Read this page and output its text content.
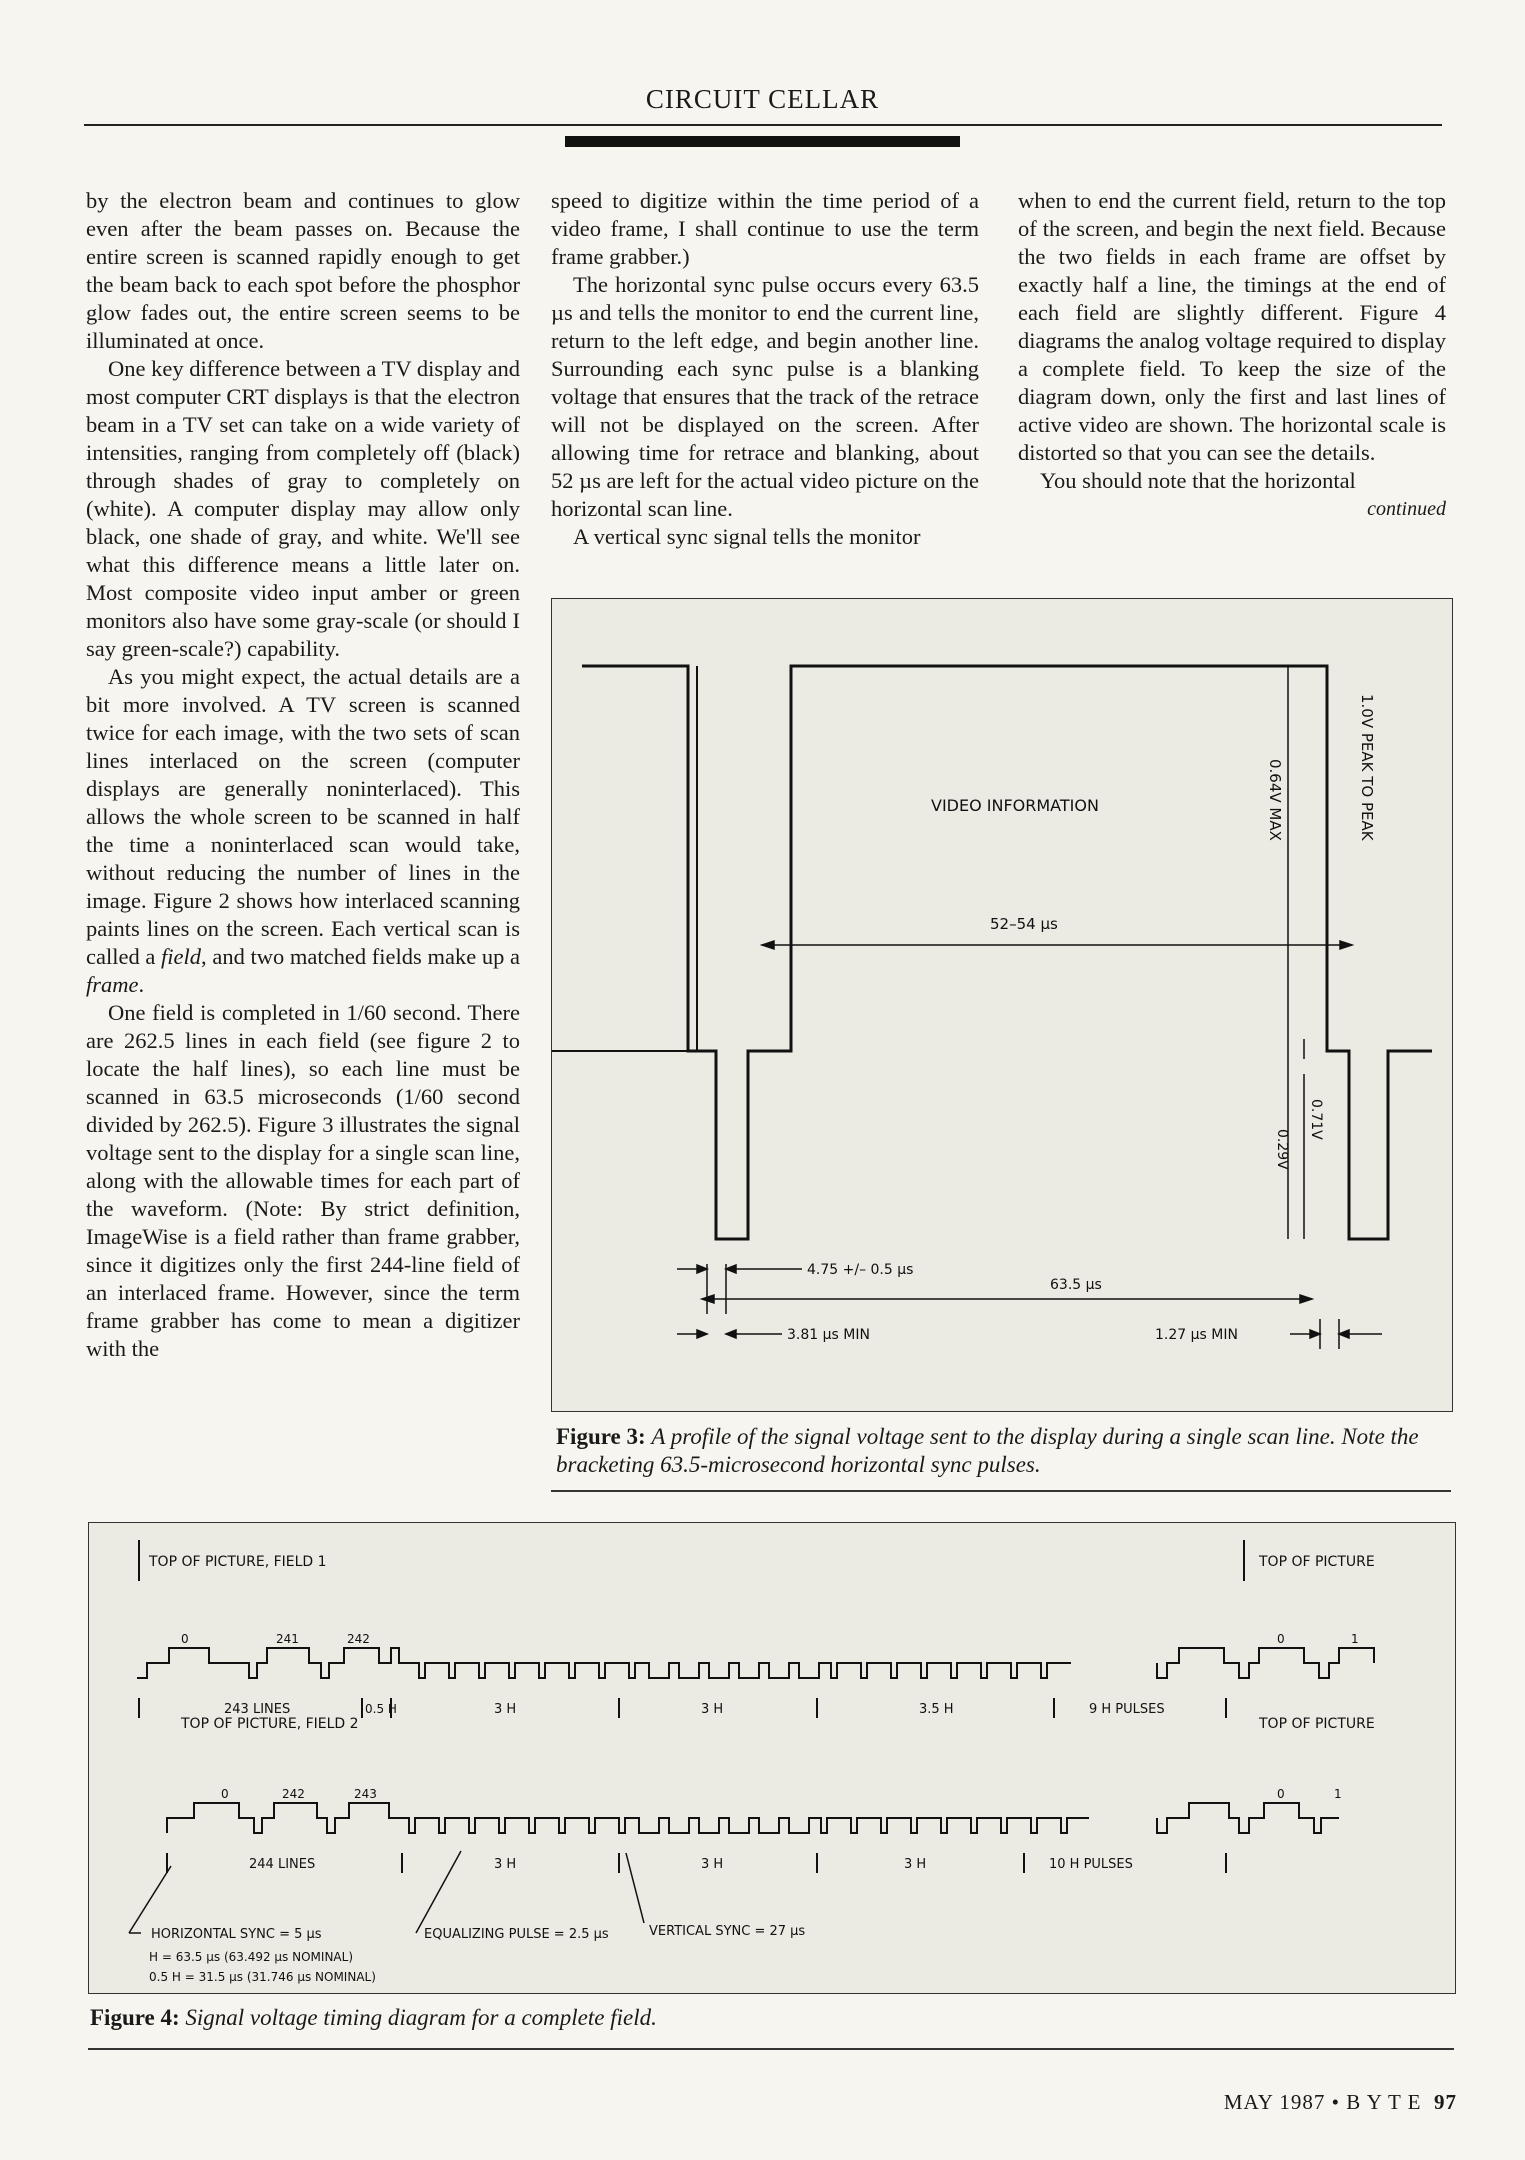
CIRCUIT CELLAR

by the electron beam and continues to glow even after the beam passes on. Because the entire screen is scanned rapidly enough to get the beam back to each spot before the phosphor glow fades out, the entire screen seems to be illuminated at once.

One key difference between a TV display and most computer CRT displays is that the electron beam in a TV set can take on a wide variety of intensities, ranging from completely off (black) through shades of gray to completely on (white). A computer display may allow only black, one shade of gray, and white. We'll see what this difference means a little later on. Most composite video input amber or green monitors also have some gray-scale (or should I say green-scale?) capability.

As you might expect, the actual details are a bit more involved. A TV screen is scanned twice for each image, with the two sets of scan lines interlaced on the screen (computer displays are generally noninterlaced). This allows the whole screen to be scanned in half the time a noninterlaced scan would take, without reducing the number of lines in the image. Figure 2 shows how interlaced scanning paints lines on the screen. Each vertical scan is called a field, and two matched fields make up a frame.

One field is completed in 1/60 second. There are 262.5 lines in each field (see figure 2 to locate the half lines), so each line must be scanned in 63.5 microseconds (1/60 second divided by 262.5). Figure 3 illustrates the signal voltage sent to the display for a single scan line, along with the allowable times for each part of the waveform. (Note: By strict definition, ImageWise is a field rather than frame grabber, since it digitizes only the first 244-line field of an interlaced frame. However, since the term frame grabber has come to mean a digitizer with the

speed to digitize within the time period of a video frame, I shall continue to use the term frame grabber.)

The horizontal sync pulse occurs every 63.5 µs and tells the monitor to end the current line, return to the left edge, and begin another line. Surrounding each sync pulse is a blanking voltage that ensures that the track of the retrace will not be displayed on the screen. After allowing time for retrace and blanking, about 52 µs are left for the actual video picture on the horizontal scan line.

A vertical sync signal tells the monitor

when to end the current field, return to the top of the screen, and begin the next field. Because the two fields in each frame are offset by exactly half a line, the timings at the end of each field are slightly different. Figure 4 diagrams the analog voltage required to display a complete field. To keep the size of the diagram down, only the first and last lines of active video are shown. The horizontal scale is distorted so that you can see the details.

You should note that the horizontal

continued
VIDEO INFORMATION
52–54 µs
0.64V MAX	1.0V PEAK TO PEAK
0.71V
0.29V
4.75 +/– 0.5 µs
63.5 µs
3.81 µs MIN	1.27 µs MIN
Figure 3: A profile of the signal voltage sent to the display during a single scan line. Note the bracketing 63.5-microsecond horizontal sync pulses.
TOP OF PICTURE, FIELD 1	TOP OF PICTURE
0	241	242	0	1
243 LINES	0.5 H	3 H	3 H	3.5 H	9 H PULSES
TOP OF PICTURE, FIELD 2	TOP OF PICTURE
0	242	243	0	1
244 LINES	3 H	3 H	3 H	10 H PULSES
HORIZONTAL SYNC = 5 µs	EQUALIZING PULSE = 2.5 µs	VERTICAL SYNC = 27 µs
H = 63.5 µs (63.492 µs NOMINAL)
0.5 H = 31.5 µs (31.746 µs NOMINAL)
Figure 4: Signal voltage timing diagram for a complete field.
MAY 1987 • B Y T E 97
